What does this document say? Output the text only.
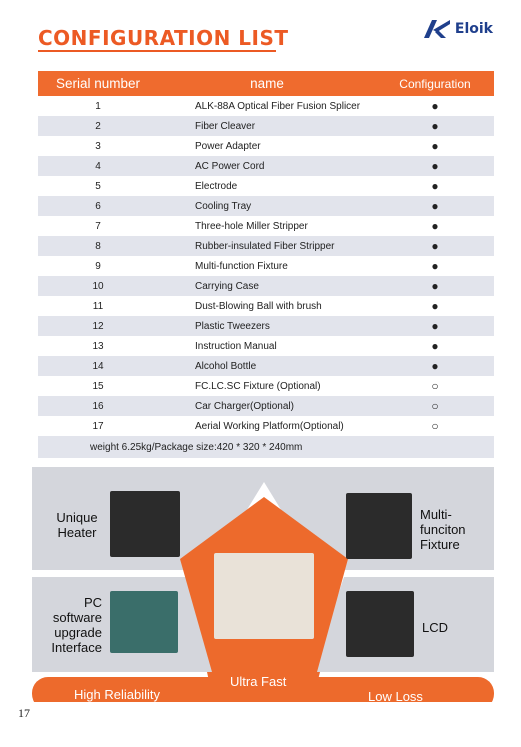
CONFIGURATION LIST	Eloik
Serial number	name	Configuration
1	ALK-88A Optical Fiber Fusion Splicer	●
2	Fiber Cleaver	●
3	Power Adapter	●
4	AC Power Cord	●
5	Electrode	●
6	Cooling Tray	●
7	Three-hole Miller Stripper	●
8	Rubber-insulated Fiber Stripper	●
9	Multi-function Fixture	●
10	Carrying Case	●
11	Dust-Blowing Ball with brush	●
12	Plastic Tweezers	●
13	Instruction Manual	●
14	Alcohol Bottle	●
15	FC.LC.SC Fixture (Optional)	○
16	Car Charger(Optional)	○
17	Aerial Working Platform(Optional)	○
weight 6.25kg/Package size:420 * 320 * 240mm		
Unique
Heater
Multi-
funciton
Fixture
PC
software
upgrade
Interface
LCD
High Reliability
Ultra Fast
Low Loss
17
